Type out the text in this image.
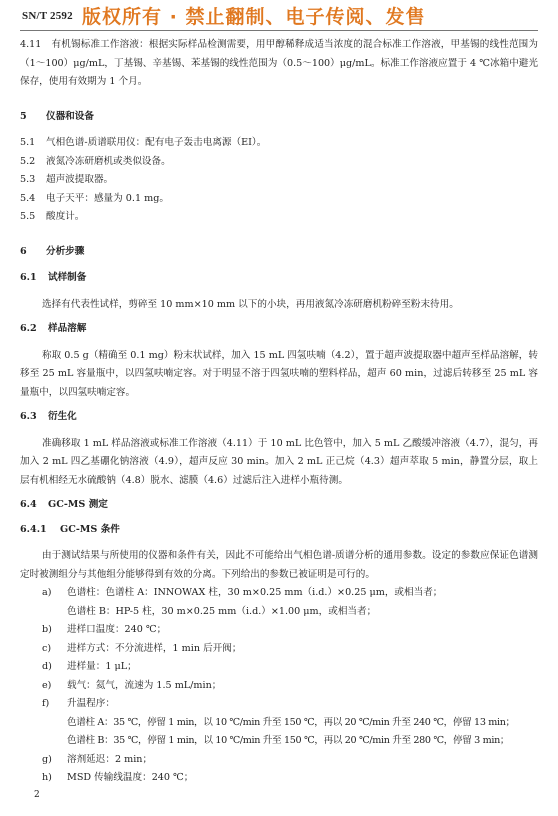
SN/T 2592 版权所有 · 禁止翻制、电子传阅、发售

4.11 有机锡标准工作溶液：根据实际样品检测需要，用甲醇稀释成适当浓度的混合标准工作溶液，甲基锡的线性范围为（1～100）μg/mL，丁基锡、辛基锡、苯基锡的线性范围为（0.5～100）μg/mL。标准工作溶液应置于 4 ℃冰箱中避光保存，使用有效期为 1 个月。

5	仪器和设备
5.1	气相色谱-质谱联用仪：配有电子轰击电离源（EI）。
5.2	液氮冷冻研磨机或类似设备。
5.3	超声波提取器。
5.4	电子天平：感量为 0.1 mg。
5.5	酸度计。
6	分析步骤
6.1	试样制备

选择有代表性试样，剪碎至 10 mm×10 mm 以下的小块，再用液氮冷冻研磨机粉碎至粉末待用。

6.2	样品溶解

称取 0.5 g（精确至 0.1 mg）粉末状试样，加入 15 mL 四氢呋喃（4.2），置于超声波提取器中超声至样品溶解，转移至 25 mL 容量瓶中，以四氢呋喃定容。对于明显不溶于四氢呋喃的塑料样品，超声 60 min，过滤后转移至 25 mL 容量瓶中，以四氢呋喃定容。

6.3	衍生化

准确移取 1 mL 样品溶液或标准工作溶液（4.11）于 10 mL 比色管中，加入 5 mL 乙酸缓冲溶液（4.7），混匀，再加入 2 mL 四乙基硼化钠溶液（4.9），超声反应 30 min。加入 2 mL 正己烷（4.3）超声萃取 5 min，静置分层，取上层有机相经无水硫酸钠（4.8）脱水、滤膜（4.6）过滤后注入进样小瓶待测。

6.4	GC-MS 测定
6.4.1	GC-MS 条件

由于测试结果与所使用的仪器和条件有关，因此不可能给出气相色谱-质谱分析的通用参数。设定的参数应保证色谱测定时被测组分与其他组分能够得到有效的分离。下列给出的参数已被证明是可行的。

a)	色谱柱：色谱柱 A：INNOWAX 柱，30 m×0.25 mm（i.d.）×0.25 μm，或相当者；
色谱柱 B：HP-5 柱，30 m×0.25 mm（i.d.）×1.00 μm，或相当者；
b)	进样口温度：240 ℃；
c)	进样方式：不分流进样，1 min 后开阀；
d)	进样量：1 μL；
e)	载气：氦气，流速为 1.5 mL/min；
f)	升温程序：
色谱柱 A：35 ℃，停留 1 min，以 10 ℃/min 升至 150 ℃，再以 20 ℃/min 升至 240 ℃，停留 13 min；
色谱柱 B：35 ℃，停留 1 min，以 10 ℃/min 升至 150 ℃，再以 20 ℃/min 升至 280 ℃，停留 3 min；
g)	溶剂延迟：2 min；
h)	MSD 传输线温度：240 ℃；
2
